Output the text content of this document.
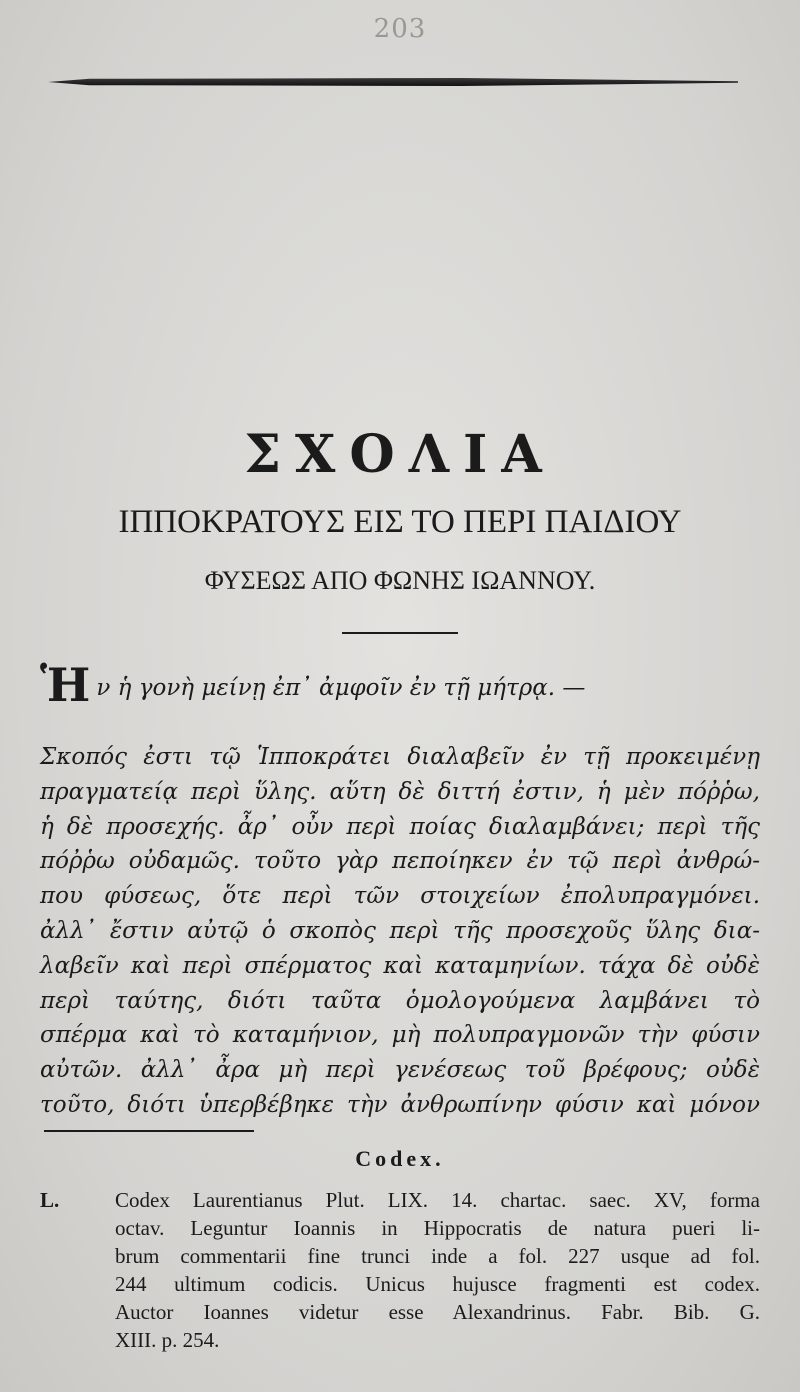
203
ΣΧΟΛΙΑ
ΙΠΠΟΚΡΑΤΟΥΣ ΕΙΣ ΤΟ ΠΕΡΙ ΠΑΙΔΙΟΥ
ΦΥΣΕΩΣ ΑΠΟ ΦΩΝΗΣ ΙΩΑΝΝΟΥ.
Ἡν ἡ γονὴ μείνῃ ἐπ᾽ ἀμφοῖν ἐν τῇ μήτρᾳ. —
Σκοπός ἐστι τῷ Ἱπποκράτει διαλαβεῖν ἐν τῇ προκειμένῃ
πραγματείᾳ περὶ ὕλης. αὕτη δὲ διττή ἐστιν, ἡ μὲν πόῤῥω,
ἡ δὲ προσεχής. ἆρ᾽ οὖν περὶ ποίας διαλαμβάνει; περὶ τῆς
πόῤῥω οὐδαμῶς. τοῦτο γὰρ πεποίηκεν ἐν τῷ περὶ ἀνθρώ-
που φύσεως, ὅτε περὶ τῶν στοιχείων ἐπολυπραγμόνει.
ἀλλ᾽ ἔστιν αὐτῷ ὁ σκοπὸς περὶ τῆς προσεχοῦς ὕλης δια-
λαβεῖν καὶ περὶ σπέρματος καὶ καταμηνίων. τάχα δὲ οὐδὲ
περὶ ταύτης, διότι ταῦτα ὁμολογούμενα λαμβάνει τὸ
σπέρμα καὶ τὸ καταμήνιον, μὴ πολυπραγμονῶν τὴν φύσιν
αὐτῶν. ἀλλ᾽ ἆρα μὴ περὶ γενέσεως τοῦ βρέφους; οὐδὲ
τοῦτο, διότι ὑπερβέβηκε τὴν ἀνθρωπίνην φύσιν καὶ μόνον
Codex.
L.	Codex Laurentianus Plut. LIX. 14. chartac. saec. XV, forma
octav. Leguntur Ioannis in Hippocratis de natura pueri li-
brum commentarii fine trunci inde a fol. 227 usque ad fol.
244 ultimum codicis. Unicus hujusce fragmenti est codex.
Auctor Ioannes videtur esse Alexandrinus. Fabr. Bib. G.
XIII. p. 254.
